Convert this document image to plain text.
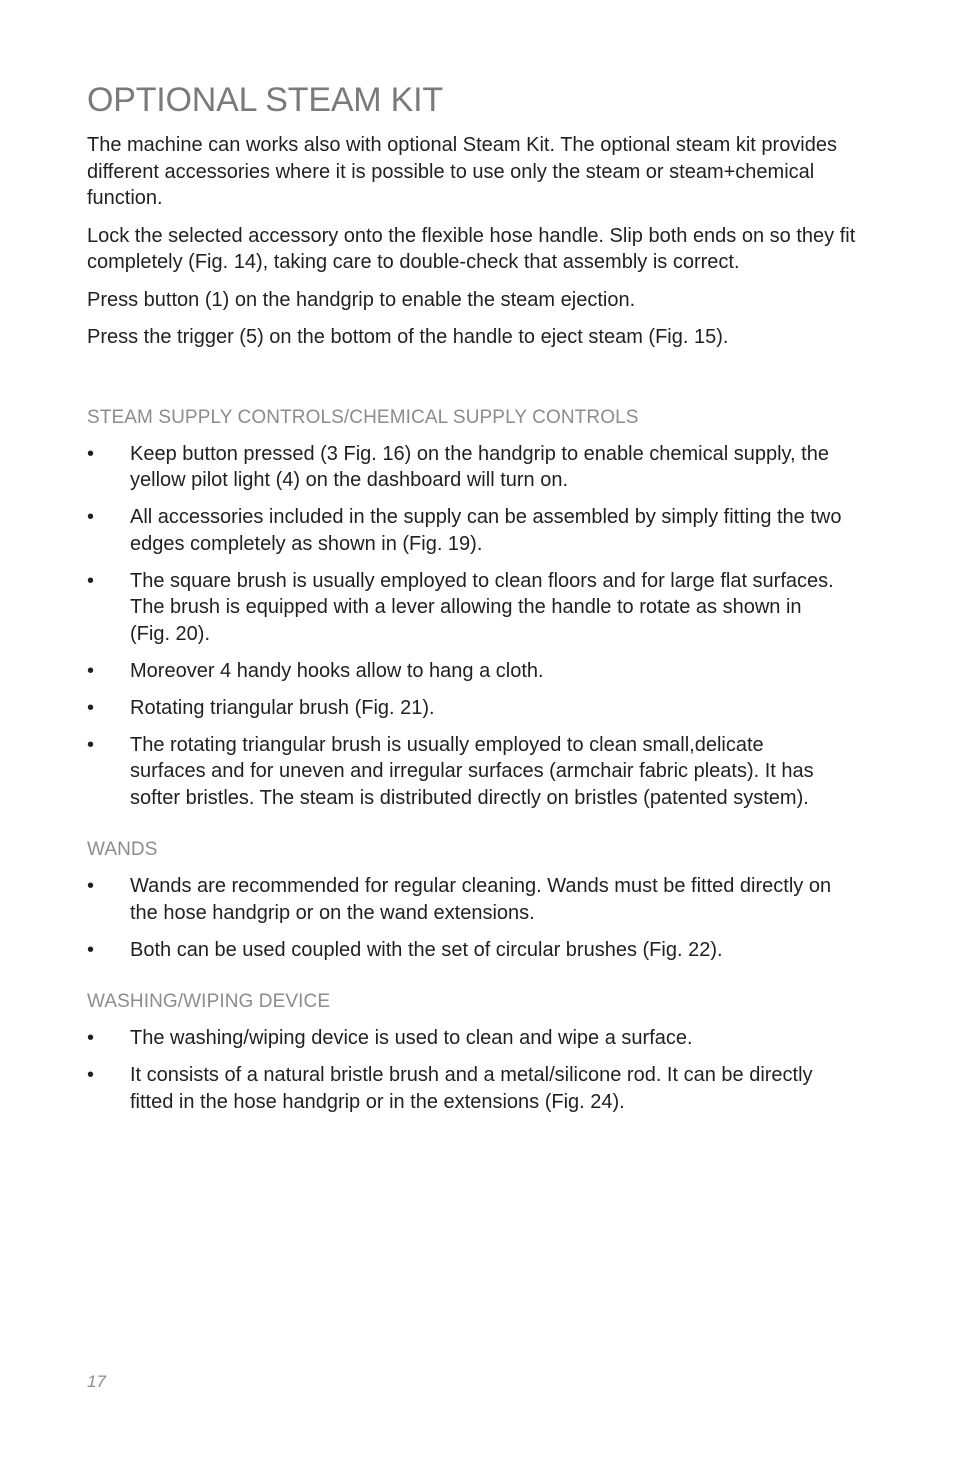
OPTIONAL STEAM KIT

The machine can works also with optional Steam Kit. The optional steam kit provides different accessories where it is possible to use only the steam or steam+chemical function.

Lock the selected accessory onto the flexible hose handle. Slip both ends on so they fit completely (Fig. 14), taking care to double-check that assembly is correct.

Press button (1) on the handgrip to enable the steam ejection.

Press the trigger (5) on the bottom of the handle to eject steam (Fig. 15).

STEAM SUPPLY CONTROLS/CHEMICAL SUPPLY CONTROLS
• Keep button pressed (3 Fig. 16) on the handgrip to enable chemical supply, the yellow pilot light (4) on the dashboard will turn on.
• All accessories included in the supply can be assembled by simply fitting the two edges completely as shown in (Fig. 19).
• The square brush is usually employed to clean floors and for large flat surfaces. The brush is equipped with a lever allowing the handle to rotate as shown in (Fig. 20).
• Moreover 4 handy hooks allow to hang a cloth.
• Rotating triangular brush (Fig. 21).
• The rotating triangular brush is usually employed to clean small,delicate surfaces and for uneven and irregular surfaces (armchair fabric pleats). It has softer bristles. The steam is distributed directly on bristles (patented system).
WANDS
• Wands are recommended for regular cleaning. Wands must be fitted directly on the hose handgrip or on the wand extensions.
• Both can be used coupled with the set of circular brushes (Fig. 22).
WASHING/WIPING DEVICE
• The washing/wiping device is used to clean and wipe a surface.
• It consists of a natural bristle brush and a metal/silicone rod. It can be directly fitted in the hose handgrip or in the extensions (Fig. 24).
17
